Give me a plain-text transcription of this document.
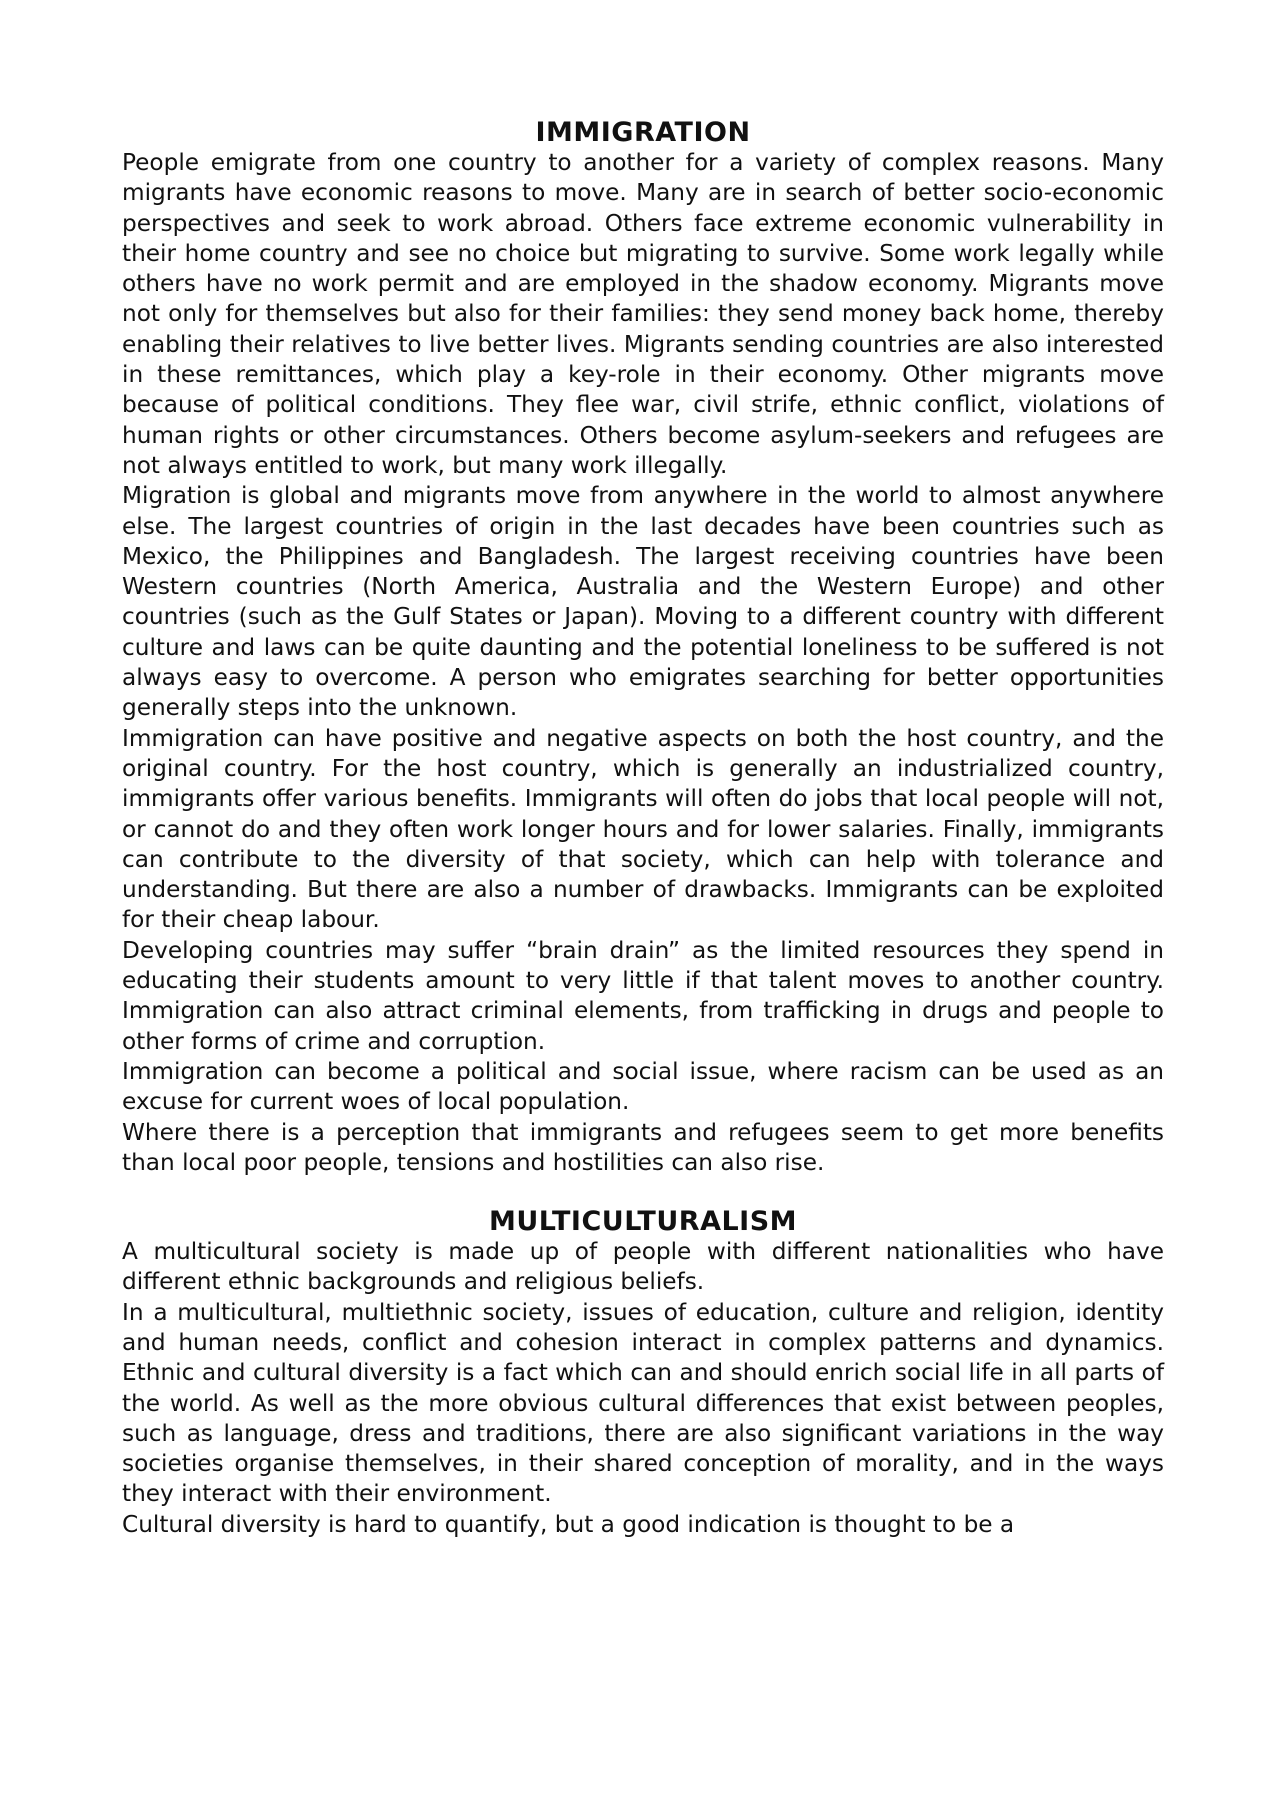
IMMIGRATION

People emigrate from one country to another for a variety of complex reasons. Many migrants have economic reasons to move. Many are in search of better socio-economic perspectives and seek to work abroad. Others face extreme economic vulnerability in their home country and see no choice but migrating to survive. Some work legally while others have no work permit and are employed in the shadow economy. Migrants move not only for themselves but also for their families: they send money back home, thereby enabling their relatives to live better lives. Migrants sending countries are also interested in these remittances, which play a key-role in their economy. Other migrants move because of political conditions. They flee war, civil strife, ethnic conflict, violations of human rights or other circumstances. Others become asylum-seekers and refugees are not always entitled to work, but many work illegally.

Migration is global and migrants move from anywhere in the world to almost anywhere else. The largest countries of origin in the last decades have been countries such as Mexico, the Philippines and Bangladesh. The largest receiving countries have been Western countries (North America, Australia and the Western Europe) and other countries (such as the Gulf States or Japan). Moving to a different country with different culture and laws can be quite daunting and the potential loneliness to be suffered is not always easy to overcome. A person who emigrates searching for better opportunities generally steps into the unknown.

Immigration can have positive and negative aspects on both the host country, and the original country. For the host country, which is generally an industrialized country, immigrants offer various benefits. Immigrants will often do jobs that local people will not, or cannot do and they often work longer hours and for lower salaries. Finally, immigrants can contribute to the diversity of that society, which can help with tolerance and understanding. But there are also a number of drawbacks. Immigrants can be exploited for their cheap labour.

Developing countries may suffer “brain drain” as the limited resources they spend in educating their students amount to very little if that talent moves to another country. Immigration can also attract criminal elements, from trafficking in drugs and people to other forms of crime and corruption.

Immigration can become a political and social issue, where racism can be used as an excuse for current woes of local population.

Where there is a perception that immigrants and refugees seem to get more benefits than local poor people, tensions and hostilities can also rise.

MULTICULTURALISM

A multicultural society is made up of people with different nationalities who have different ethnic backgrounds and religious beliefs.

In a multicultural, multiethnic society, issues of education, culture and religion, identity and human needs, conflict and cohesion interact in complex patterns and dynamics. Ethnic and cultural diversity is a fact which can and should enrich social life in all parts of the world. As well as the more obvious cultural differences that exist between peoples, such as language, dress and traditions, there are also significant variations in the way societies organise themselves, in their shared conception of morality, and in the ways they interact with their environment.

Cultural diversity is hard to quantify, but a good indication is thought to be a
